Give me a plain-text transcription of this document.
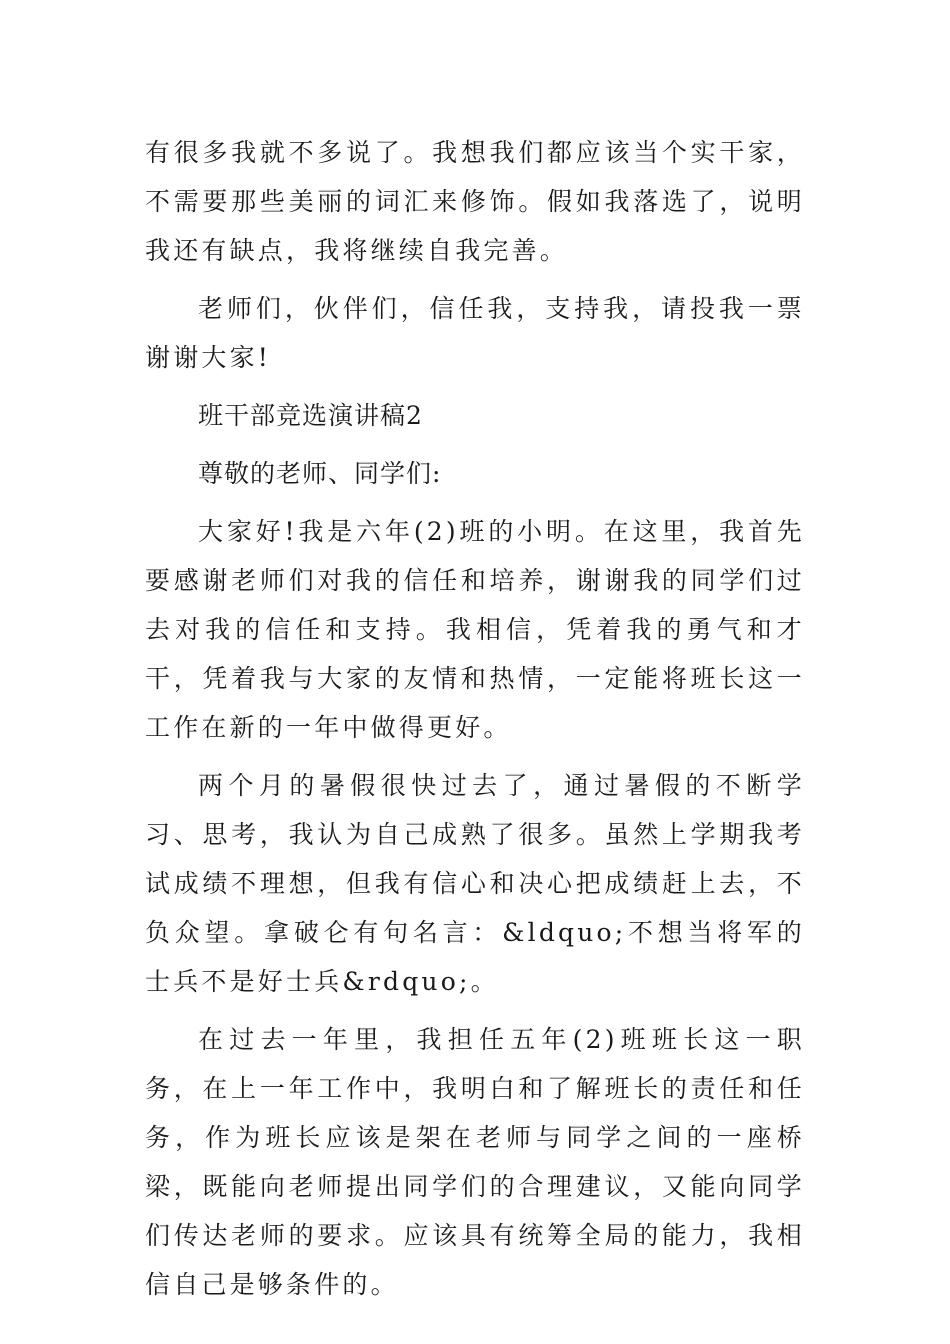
有很多我就不多说了。我想我们都应该当个实干家，不需要那些美丽的词汇来修饰。假如我落选了，说明我还有缺点，我将继续自我完善。

老师们，伙伴们，信任我，支持我，请投我一票谢谢大家!

班干部竞选演讲稿2

尊敬的老师、同学们:

大家好!我是六年(2)班的小明。在这里，我首先要感谢老师们对我的信任和培养，谢谢我的同学们过去对我的信任和支持。我相信，凭着我的勇气和才干，凭着我与大家的友情和热情，一定能将班长这一工作在新的一年中做得更好。

两个月的暑假很快过去了，通过暑假的不断学习、思考，我认为自己成熟了很多。虽然上学期我考试成绩不理想，但我有信心和决心把成绩赶上去，不负众望。拿破仑有句名言：&ldquo;不想当将军的士兵不是好士兵&rdquo;。

在过去一年里，我担任五年(2)班班长这一职务，在上一年工作中，我明白和了解班长的责任和任务，作为班长应该是架在老师与同学之间的一座桥梁，既能向老师提出同学们的合理建议，又能向同学们传达老师的要求。应该具有统筹全局的能力，我相信自己是够条件的。
